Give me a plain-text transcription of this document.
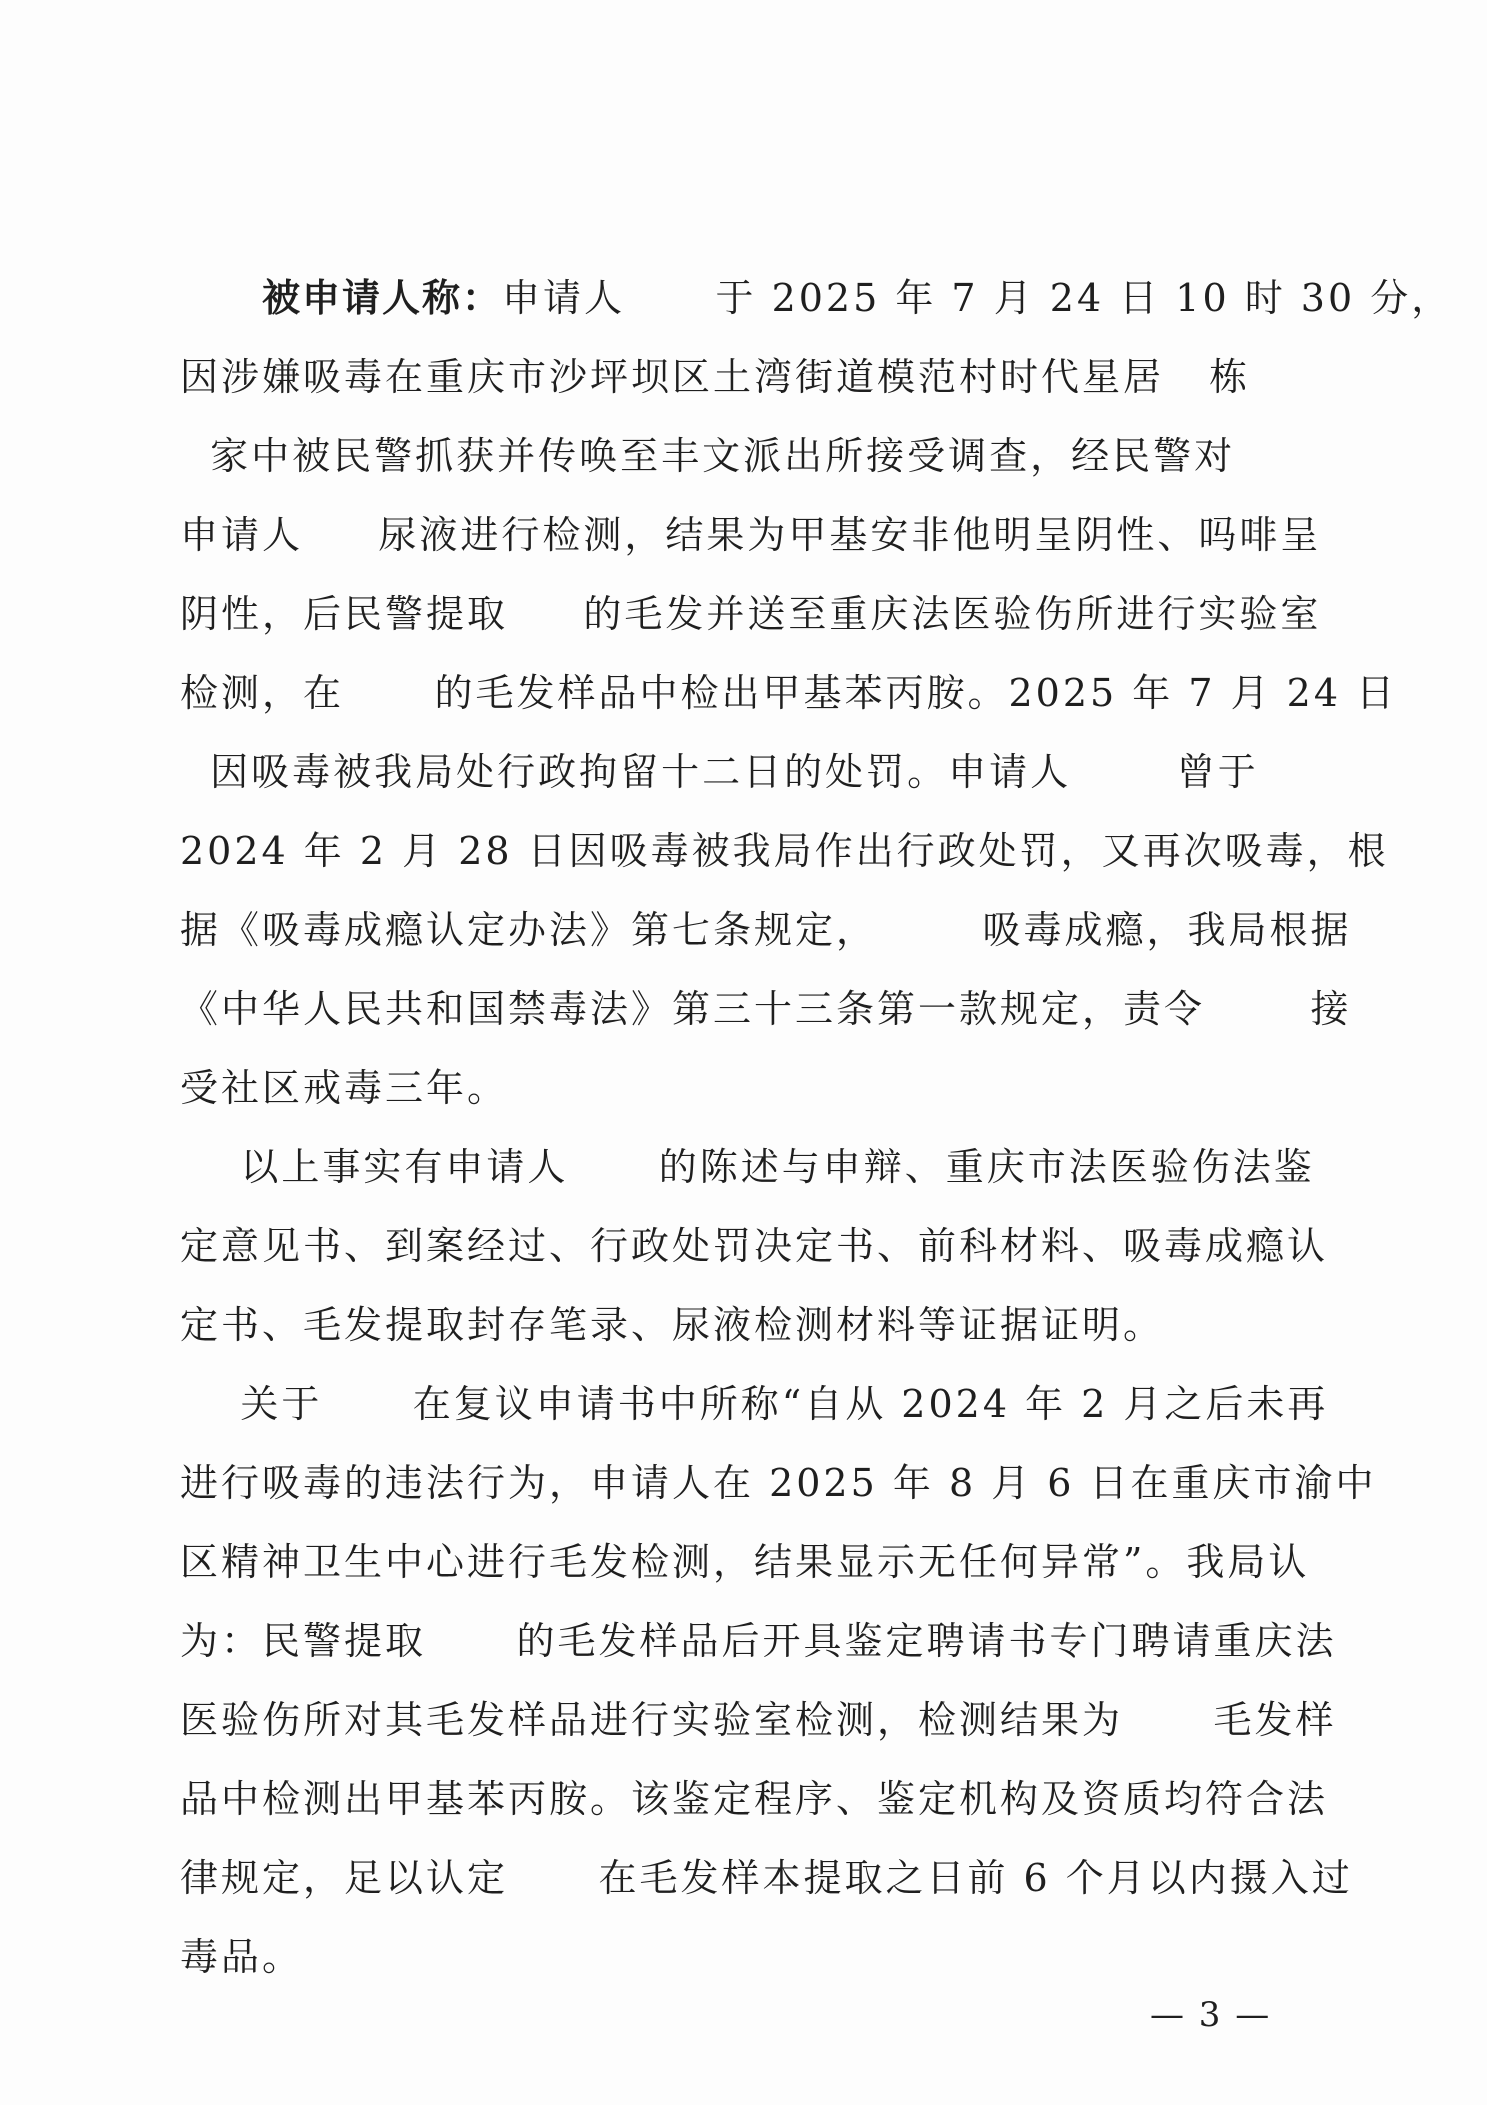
被申请人称：申请人      于 2025 年 7 月 24 日 10 时 30 分，
因涉嫌吸毒在重庆市沙坪坝区土湾街道模范村时代星居   栋
家中被民警抓获并传唤至丰文派出所接受调查，经民警对
申请人     尿液进行检测，结果为甲基安非他明呈阴性、吗啡呈
阴性，后民警提取     的毛发并送至重庆法医验伤所进行实验室
检测，在      的毛发样品中检出甲基苯丙胺。2025 年 7 月 24 日
因吸毒被我局处行政拘留十二日的处罚。申请人       曾于
2024 年 2 月 28 日因吸毒被我局作出行政处罚，又再次吸毒，根
据《吸毒成瘾认定办法》第七条规定，       吸毒成瘾，我局根据
《中华人民共和国禁毒法》第三十三条第一款规定，责令       接
受社区戒毒三年。
以上事实有申请人      的陈述与申辩、重庆市法医验伤法鉴
定意见书、到案经过、行政处罚决定书、前科材料、吸毒成瘾认
定书、毛发提取封存笔录、尿液检测材料等证据证明。
关于      在复议申请书中所称“自从 2024 年 2 月之后未再
进行吸毒的违法行为，申请人在 2025 年 8 月 6 日在重庆市渝中
区精神卫生中心进行毛发检测，结果显示无任何异常”。我局认
为：民警提取      的毛发样品后开具鉴定聘请书专门聘请重庆法
医验伤所对其毛发样品进行实验室检测，检测结果为      毛发样
品中检测出甲基苯丙胺。该鉴定程序、鉴定机构及资质均符合法
律规定，足以认定      在毛发样本提取之日前 6 个月以内摄入过
毒品。
— 3 —
